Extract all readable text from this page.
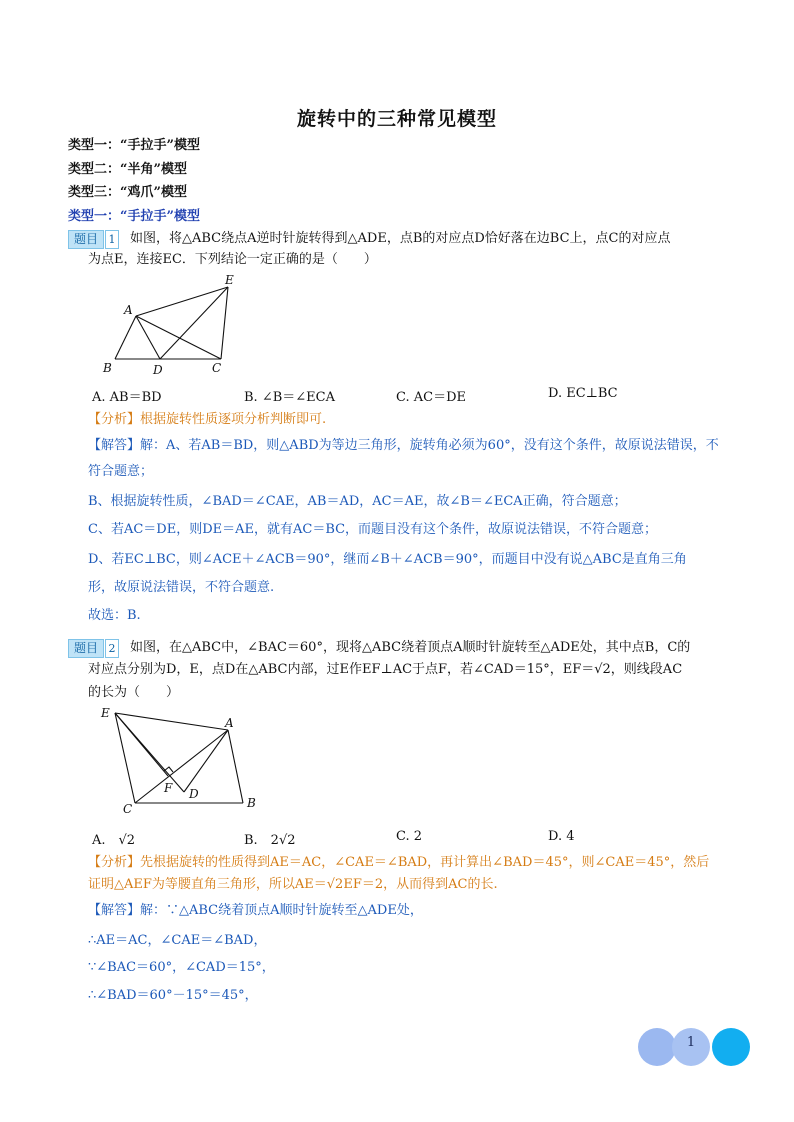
旋转中的三种常见模型
类型一：“手拉手”模型
类型二：“半角”模型
类型三：“鸡爪”模型
类型一：“手拉手”模型
题目 1 如图，将△ABC绕点A逆时针旋转得到△ADE，点B的对应点D恰好落在边BC上，点C的对应点
为点E，连接EC．下列结论一定正确的是（　　）
A
B	C
D
E
A. AB＝BD	B. ∠B＝∠ECA	C. AC＝DE	D. EC⊥BC
【分析】根据旋转性质逐项分析判断即可.
【解答】解：A、若AB＝BD，则△ABD为等边三角形，旋转角必须为60°，没有这个条件，故原说法错误，不
符合题意；
B、根据旋转性质，∠BAD＝∠CAE，AB＝AD，AC＝AE，故∠B＝∠ECA正确，符合题意；
C、若AC＝DE，则DE＝AE，就有AC＝BC，而题目没有这个条件，故原说法错误，不符合题意；
D、若EC⊥BC，则∠ACE＋∠ACB＝90°，继而∠B＋∠ACB＝90°，而题目中没有说△ABC是直角三角
形，故原说法错误，不符合题意.
故选：B.
题目 2 如图，在△ABC中，∠BAC＝60°，现将△ABC绕着顶点A顺时针旋转至△ADE处，其中点B，C的
对应点分别为D，E，点D在△ABC内部，过E作EF⊥AC于点F，若∠CAD＝15°，EF＝√2，则线段AC
的长为（　　）
E
A
F D
C	B
A.　√2	B.　2√2	C. 2	D. 4
【分析】先根据旋转的性质得到AE＝AC，∠CAE＝∠BAD，再计算出∠BAD＝45°，则∠CAE＝45°，然后
证明△AEF为等腰直角三角形，所以AE＝√2EF＝2，从而得到AC的长.
【解答】解：∵△ABC绕着顶点A顺时针旋转至△ADE处，
∴AE＝AC，∠CAE＝∠BAD，
∵∠BAC＝60°，∠CAD＝15°，
∴∠BAD＝60°－15°＝45°，
1
